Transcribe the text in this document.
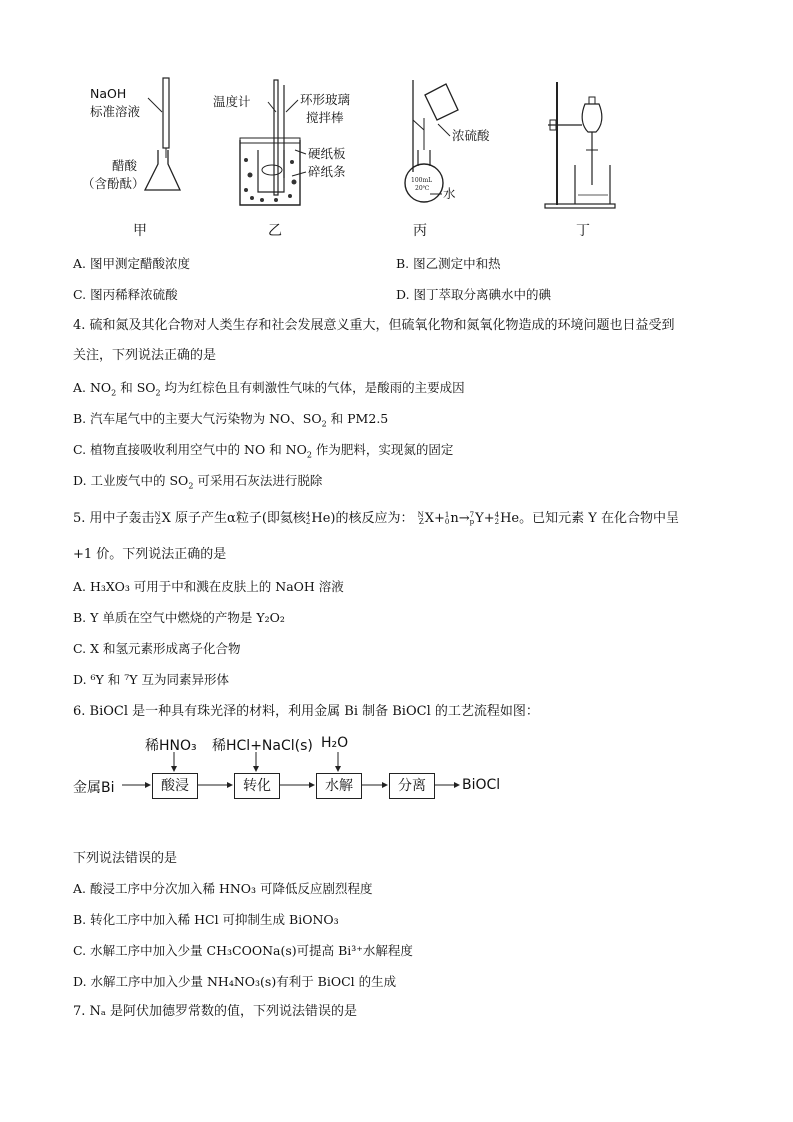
NaOH
标准溶液
醋酸
（含酚酞）
温度计	环形玻璃
搅拌棒
硬纸板
碎纸条
浓硫酸
100mL
20℃ 水
甲	乙	丙	丁
A. 图甲测定醋酸浓度	B. 图乙测定中和热
C. 图丙稀释浓硫酸	D. 图丁萃取分离碘水中的碘
4. 硫和氮及其化合物对人类生存和社会发展意义重大，但硫氧化物和氮氧化物造成的环境问题也日益受到
关注，下列说法正确的是
A. $NO_2$ 和 $SO_2$ 均为红棕色且有刺激性气味的气体，是酸雨的主要成因
B. 汽车尾气中的主要大气污染物为 NO、$SO_2$ 和 PM2.5
C. 植物直接吸收利用空气中的 NO 和 $NO_2$ 作为肥料，实现氮的固定
D. 工业废气中的 $SO_2$ 可采用石灰法进行脱除
5. 用中子轰击 N
Z X 原子产生α粒子(即氦核 4
2 He)的核反应为： N
Z X+ 1
0 n→ 7
p Y+ 4
2 He。已知元素 Y 在化合物中呈
+1 价。下列说法正确的是
A. H₃XO₃ 可用于中和溅在皮肤上的 NaOH 溶液
B. Y 单质在空气中燃烧的产物是 Y₂O₂
C. X 和氢元素形成离子化合物
D. ⁶Y 和 ⁷Y 互为同素异形体
6. BiOCl 是一种具有珠光泽的材料，利用金属 Bi 制备 BiOCl 的工艺流程如图：
稀HNO₃ 稀HCl+NaCl(s) H₂O
金属Bi	酸浸	转化	水解	分离	BiOCl
下列说法错误的是
A. 酸浸工序中分次加入稀 HNO₃ 可降低反应剧烈程度
B. 转化工序中加入稀 HCl 可抑制生成 BiONO₃
C. 水解工序中加入少量 CH₃COONa(s)可提高 Bi³⁺水解程度
D. 水解工序中加入少量 NH₄NO₃(s)有利于 BiOCl 的生成
7. Nₐ 是阿伏加德罗常数的值，下列说法错误的是
